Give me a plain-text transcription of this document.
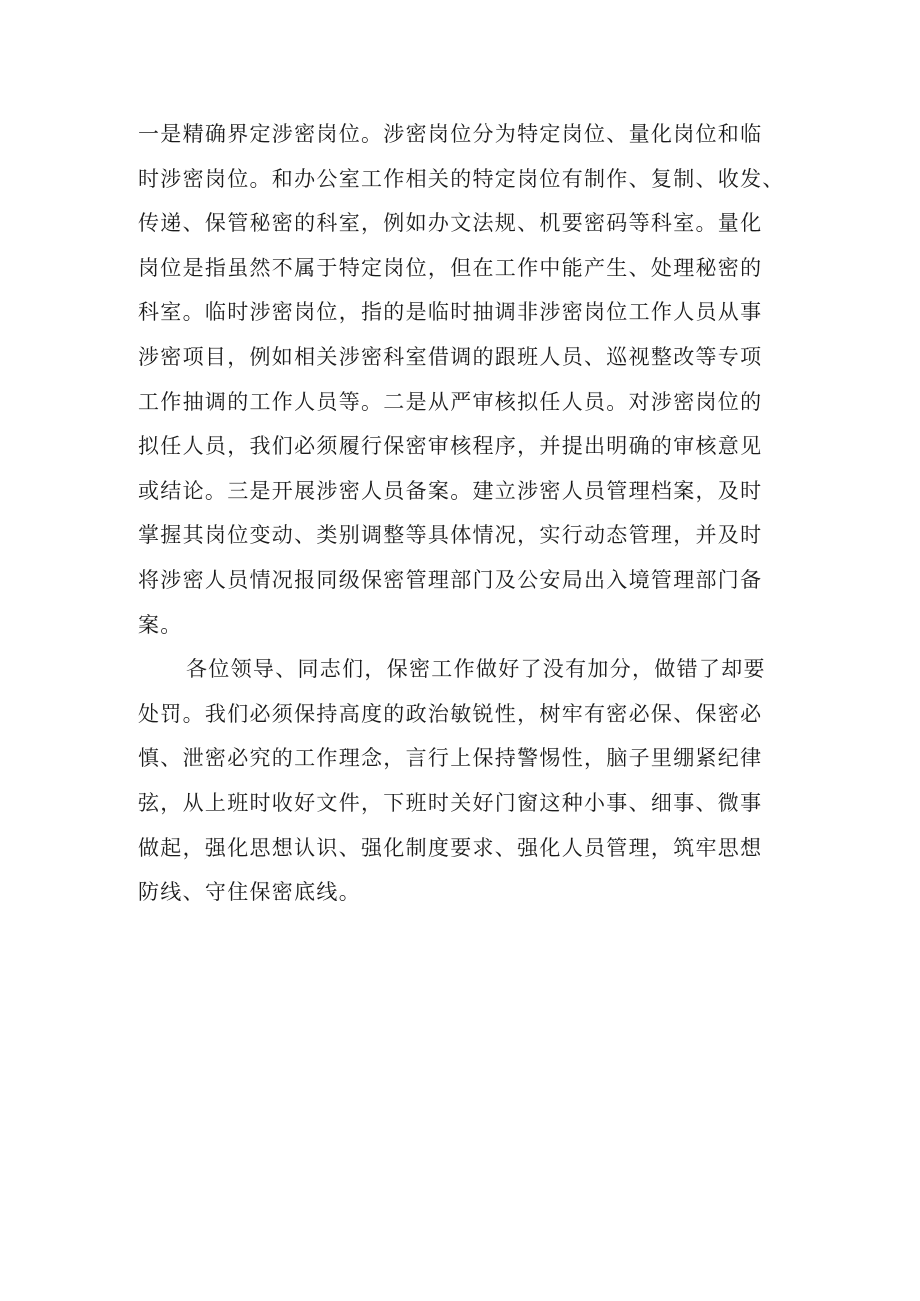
一是精确界定涉密岗位。涉密岗位分为特定岗位、量化岗位和临
时涉密岗位。和办公室工作相关的特定岗位有制作、复制、收发、
传递、保管秘密的科室，例如办文法规、机要密码等科室。量化
岗位是指虽然不属于特定岗位，但在工作中能产生、处理秘密的
科室。临时涉密岗位，指的是临时抽调非涉密岗位工作人员从事
涉密项目，例如相关涉密科室借调的跟班人员、巡视整改等专项
工作抽调的工作人员等。二是从严审核拟任人员。对涉密岗位的
拟任人员，我们必须履行保密审核程序，并提出明确的审核意见
或结论。三是开展涉密人员备案。建立涉密人员管理档案，及时
掌握其岗位变动、类别调整等具体情况，实行动态管理，并及时
将涉密人员情况报同级保密管理部门及公安局出入境管理部门备
案。
各位领导、同志们，保密工作做好了没有加分，做错了却要
处罚。我们必须保持高度的政治敏锐性，树牢有密必保、保密必
慎、泄密必究的工作理念，言行上保持警惕性，脑子里绷紧纪律
弦，从上班时收好文件，下班时关好门窗这种小事、细事、微事
做起，强化思想认识、强化制度要求、强化人员管理，筑牢思想
防线、守住保密底线。
